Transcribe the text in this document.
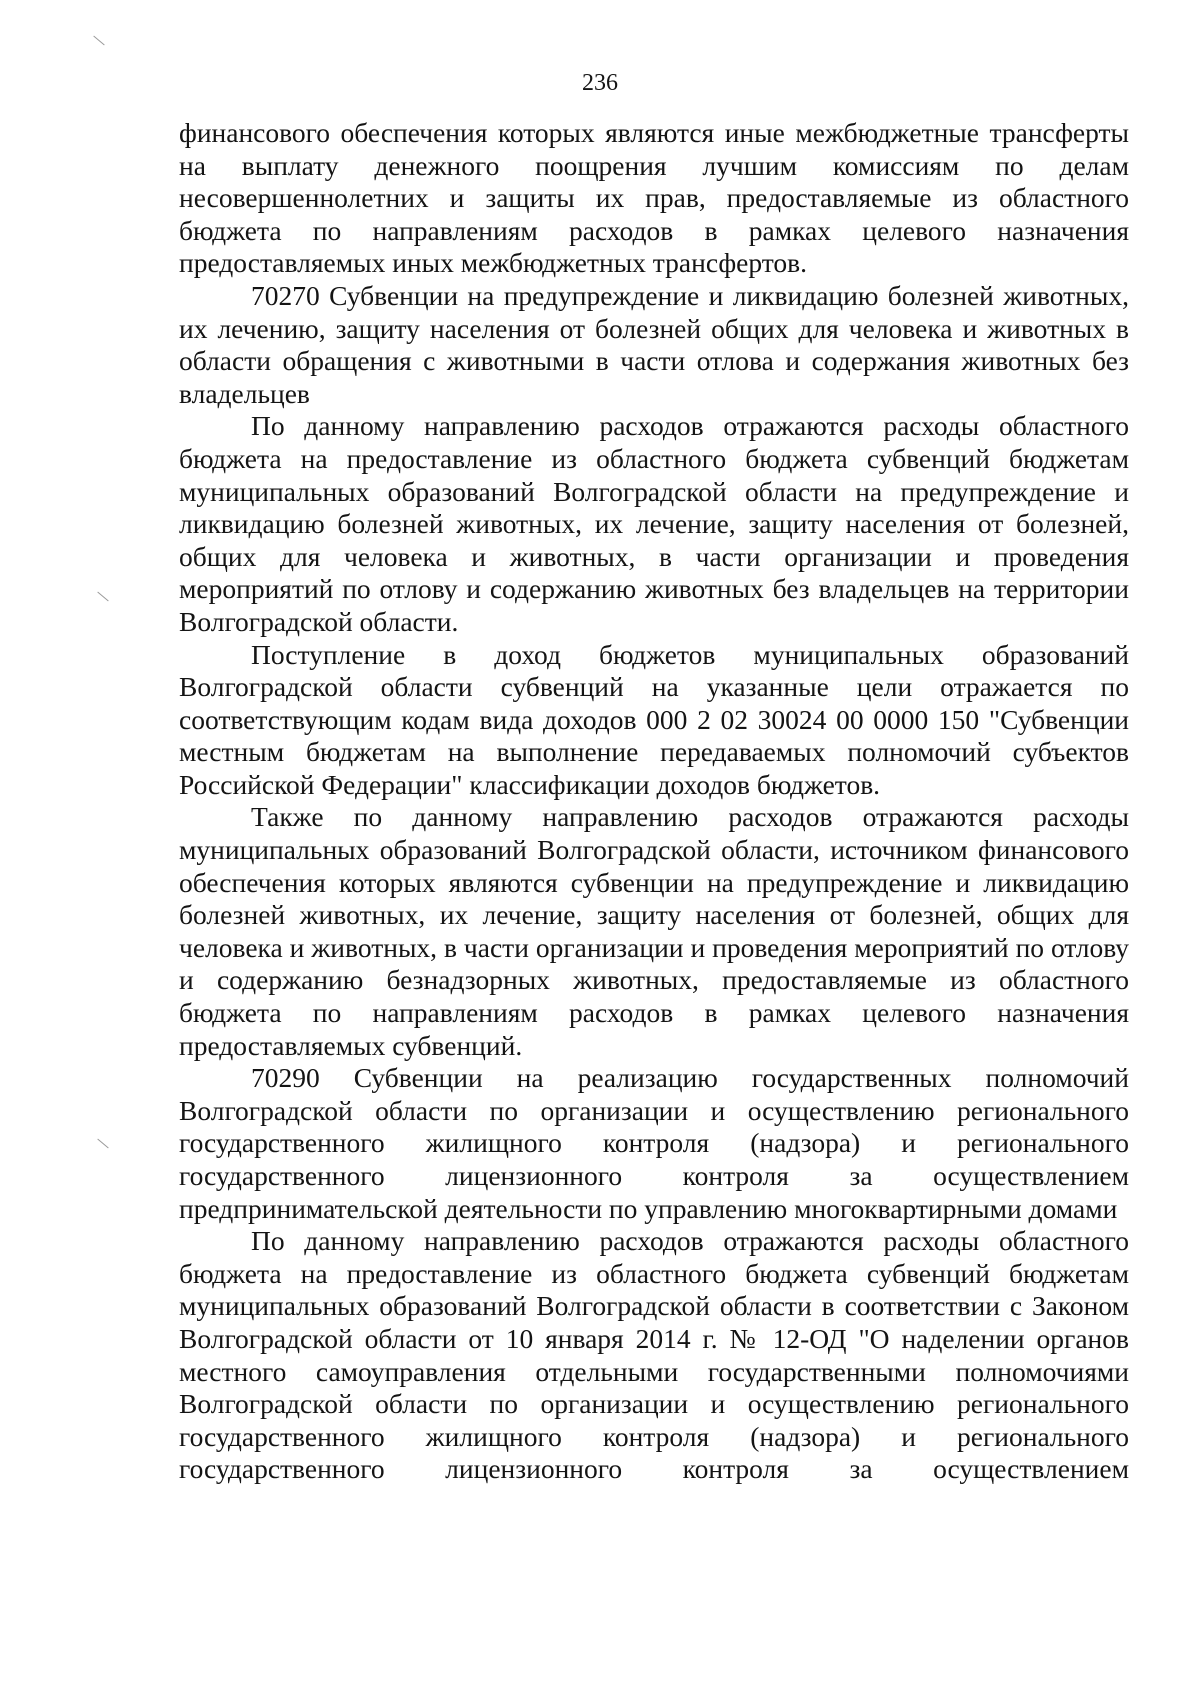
236

финансового обеспечения которых являются иные межбюджетные трансферты на выплату денежного поощрения лучшим комиссиям по делам несовершеннолетних и защиты их прав, предоставляемые из областного бюджета по направлениям расходов в рамках целевого назначения предоставляемых иных межбюджетных трансфертов.

70270 Субвенции на предупреждение и ликвидацию болезней животных, их лечению, защиту населения от болезней общих для человека и животных в области обращения с животными в части отлова и содержания животных без владельцев

По данному направлению расходов отражаются расходы областного бюджета на предоставление из областного бюджета субвенций бюджетам муниципальных образований Волгоградской области на предупреждение и ликвидацию болезней животных, их лечение, защиту населения от болезней, общих для человека и животных, в части организации и проведения мероприятий по отлову и содержанию животных без владельцев на территории Волгоградской области.

Поступление в доход бюджетов муниципальных образований Волгоградской области субвенций на указанные цели отражается по соответствующим кодам вида доходов 000 2 02 30024 00 0000 150 "Субвенции местным бюджетам на выполнение передаваемых полномочий субъектов Российской Федерации" классификации доходов бюджетов.

Также по данному направлению расходов отражаются расходы муниципальных образований Волгоградской области, источником финансового обеспечения которых являются субвенции на предупреждение и ликвидацию болезней животных, их лечение, защиту населения от болезней, общих для человека и животных, в части организации и проведения мероприятий по отлову и содержанию безнадзорных животных, предоставляемые из областного бюджета по направлениям расходов в рамках целевого назначения предоставляемых субвенций.

70290 Субвенции на реализацию государственных полномочий Волгоградской области по организации и осуществлению регионального государственного жилищного контроля (надзора) и регионального государственного лицензионного контроля за осуществлением предпринимательской деятельности по управлению многоквартирными домами

По данному направлению расходов отражаются расходы областного бюджета на предоставление из областного бюджета субвенций бюджетам муниципальных образований Волгоградской области в соответствии с Законом Волгоградской области от 10 января 2014 г. № 12-ОД "О наделении органов местного самоуправления отдельными государственными полномочиями Волгоградской области по организации и осуществлению регионального государственного жилищного контроля (надзора) и регионального государственного лицензионного контроля за осуществлением
